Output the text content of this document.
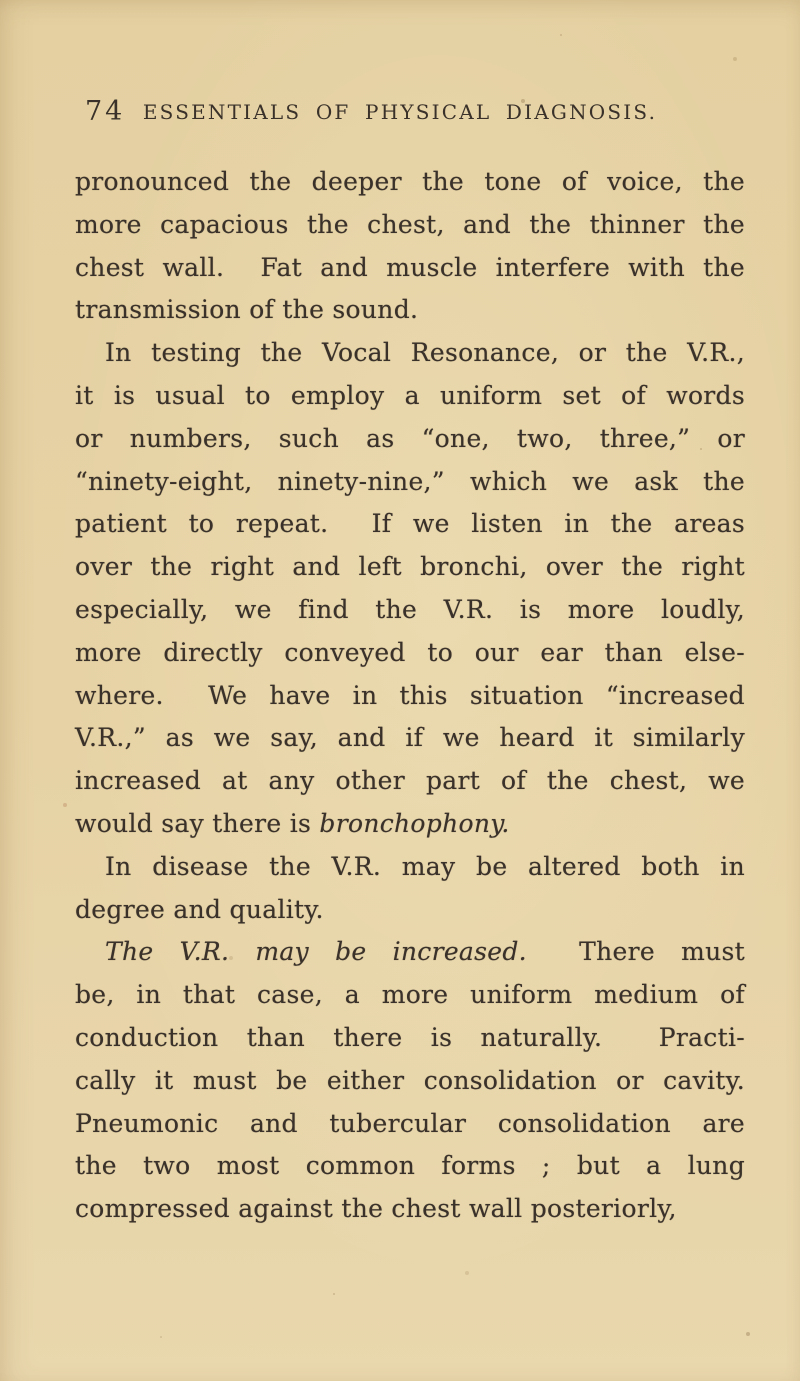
74 ESSENTIALS OF PHYSICAL DIAGNOSIS.
pronounced the deeper the tone of voice, the
more capacious the chest, and the thinner the
chest wall.  Fat and muscle interfere with the
transmission of the sound.
In testing the Vocal Resonance, or the V.R.,
it is usual to employ a uniform set of words
or numbers, such as “one, two, three,” or
“ninety-eight, ninety-nine,” which we ask the
patient to repeat.  If we listen in the areas
over the right and left bronchi, over the right
especially, we find the V.R. is more loudly,
more directly conveyed to our ear than else-
where.  We have in this situation “increased
V.R.,” as we say, and if we heard it similarly
increased at any other part of the chest, we
would say there is bronchophony.
In disease the V.R. may be altered both in
degree and quality.
The V.R. may be increased.  There must
be, in that case, a more uniform medium of
conduction than there is naturally.  Practi-
cally it must be either consolidation or cavity.
Pneumonic and tubercular consolidation are
the two most common forms ; but a lung
compressed against the chest wall posteriorly,
